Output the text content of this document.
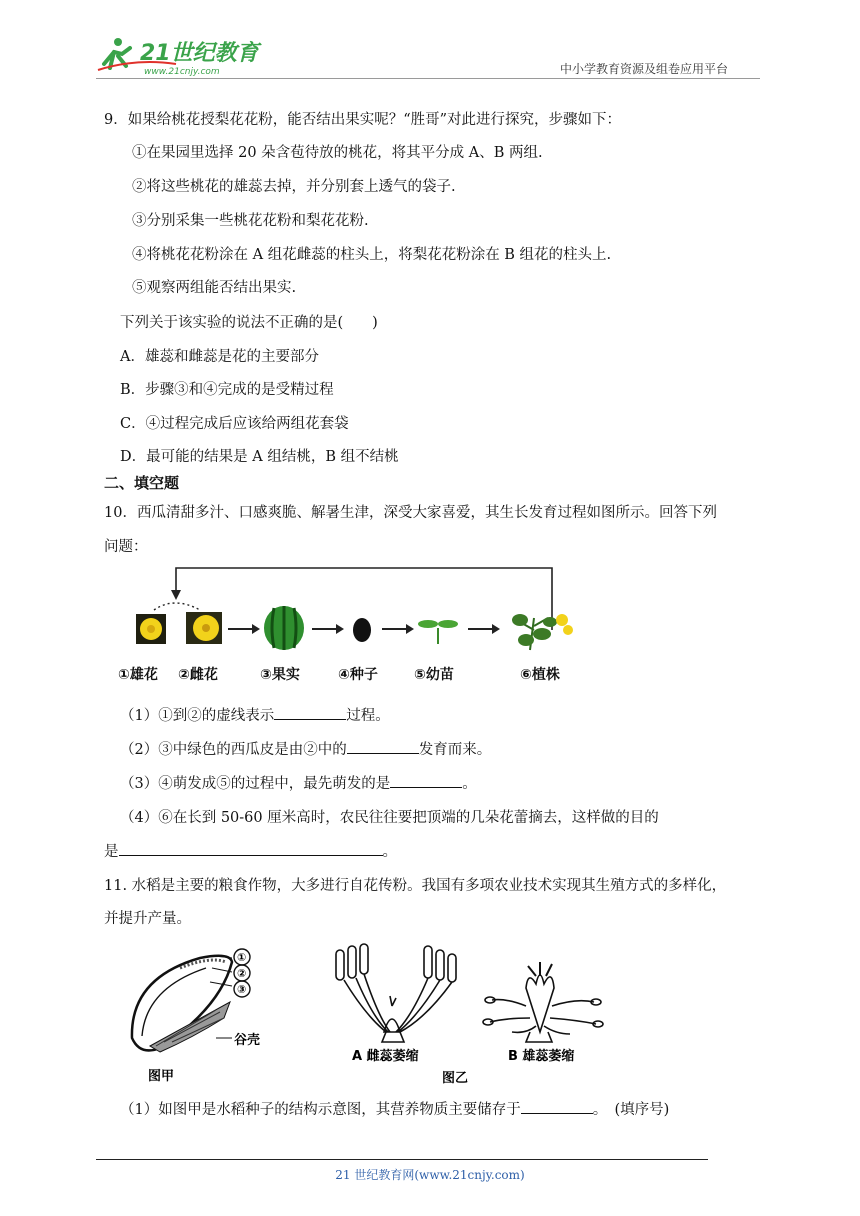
21世纪教育
www.21cnjy.com	中小学教育资源及组卷应用平台
9．如果给桃花授梨花花粉，能否结出果实呢？“胜哥”对此进行探究，步骤如下：
①在果园里选择 20 朵含苞待放的桃花，将其平分成 A、B 两组.
②将这些桃花的雄蕊去掉，并分别套上透气的袋子.
③分别采集一些桃花花粉和梨花花粉.
④将桃花花粉涂在 A 组花雌蕊的柱头上，将梨花花粉涂在 B 组花的柱头上.
⑤观察两组能否结出果实.
下列关于该实验的说法不正确的是(　　)
A．雄蕊和雌蕊是花的主要部分
B．步骤③和④完成的是受精过程
C．④过程完成后应该给两组花套袋
D．最可能的结果是 A 组结桃，B 组不结桃
二、填空题
10．西瓜清甜多汁、口感爽脆、解暑生津，深受大家喜爱，其生长发育过程如图所示。回答下列
问题：
①雄花 ②雌花	③果实	④种子	⑤幼苗	⑥植株
（1）①到②的虚线表示	过程。
（2）③中绿色的西瓜皮是由②中的	发育而来。
（3）④萌发成⑤的过程中，最先萌发的是	。
（4）⑥在长到 50-60 厘米高时，农民往往要把顶端的几朵花蕾摘去，这样做的目的
是	。
11. 水稻是主要的粮食作物，大多进行自花传粉。我国有多项农业技术实现其生殖方式的多样化，
并提升产量。
①
②
③
谷壳
图甲
A 雌蕊萎缩	B 雄蕊萎缩
图乙
（1）如图甲是水稻种子的结构示意图，其营养物质主要储存于	。　(填序号)
21 世纪教育网(www.21cnjy.com)
